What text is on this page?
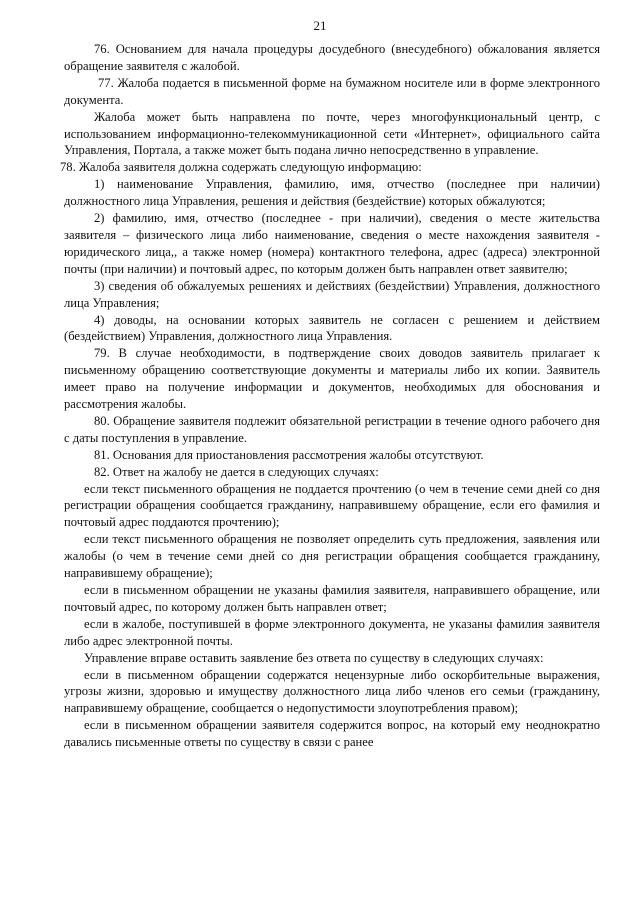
21

76. Основанием для начала процедуры досудебного (внесудебного) обжалования является обращение заявителя с жалобой.

77. Жалоба подается в письменной форме на бумажном носителе или в форме электронного документа.

Жалоба может быть направлена по почте, через многофункциональный центр, с использованием информационно-телекоммуникационной сети «Интернет», официального сайта Управления, Портала, а также может быть подана лично непосредственно в управление.

78. Жалоба заявителя должна содержать следующую информацию:

1) наименование Управления, фамилию, имя, отчество (последнее при наличии) должностного лица Управления, решения и действия (бездействие) которых обжалуются;

2) фамилию, имя, отчество (последнее - при наличии), сведения о месте жительства заявителя – физического лица либо наименование, сведения о месте нахождения заявителя - юридического лица,, а также номер (номера) контактного телефона, адрес (адреса) электронной почты (при наличии) и почтовый адрес, по которым должен быть направлен ответ заявителю;

3) сведения об обжалуемых решениях и действиях (бездействии) Управления, должностного лица Управления;

4) доводы, на основании которых заявитель не согласен с решением и действием (бездействием) Управления, должностного лица Управления.

79. В случае необходимости, в подтверждение своих доводов заявитель прилагает к письменному обращению соответствующие документы и материалы либо их копии. Заявитель имеет право на получение информации и документов, необходимых для обоснования и рассмотрения жалобы.

80. Обращение заявителя подлежит обязательной регистрации в течение одного рабочего дня с даты поступления в управление.

81. Основания для приостановления рассмотрения жалобы отсутствуют.

82. Ответ на жалобу не дается в следующих случаях:

если текст письменного обращения не поддается прочтению (о чем в течение семи дней со дня регистрации обращения сообщается гражданину, направившему обращение, если его фамилия и почтовый адрес поддаются прочтению);

если текст письменного обращения не позволяет определить суть предложения, заявления или жалобы (о чем в течение семи дней со дня регистрации обращения сообщается гражданину, направившему обращение);

если в письменном обращении не указаны фамилия заявителя, направившего обращение, или почтовый адрес, по которому должен быть направлен ответ;

если в жалобе, поступившей в форме электронного документа, не указаны фамилия заявителя либо адрес электронной почты.

Управление вправе оставить заявление без ответа по существу в следующих случаях:

если в письменном обращении содержатся нецензурные либо оскорбительные выражения, угрозы жизни, здоровью и имуществу должностного лица либо членов его семьи (гражданину, направившему обращение, сообщается о недопустимости злоупотребления правом);

если в письменном обращении заявителя содержится вопрос, на который ему неоднократно давались письменные ответы по существу в связи с ранее
